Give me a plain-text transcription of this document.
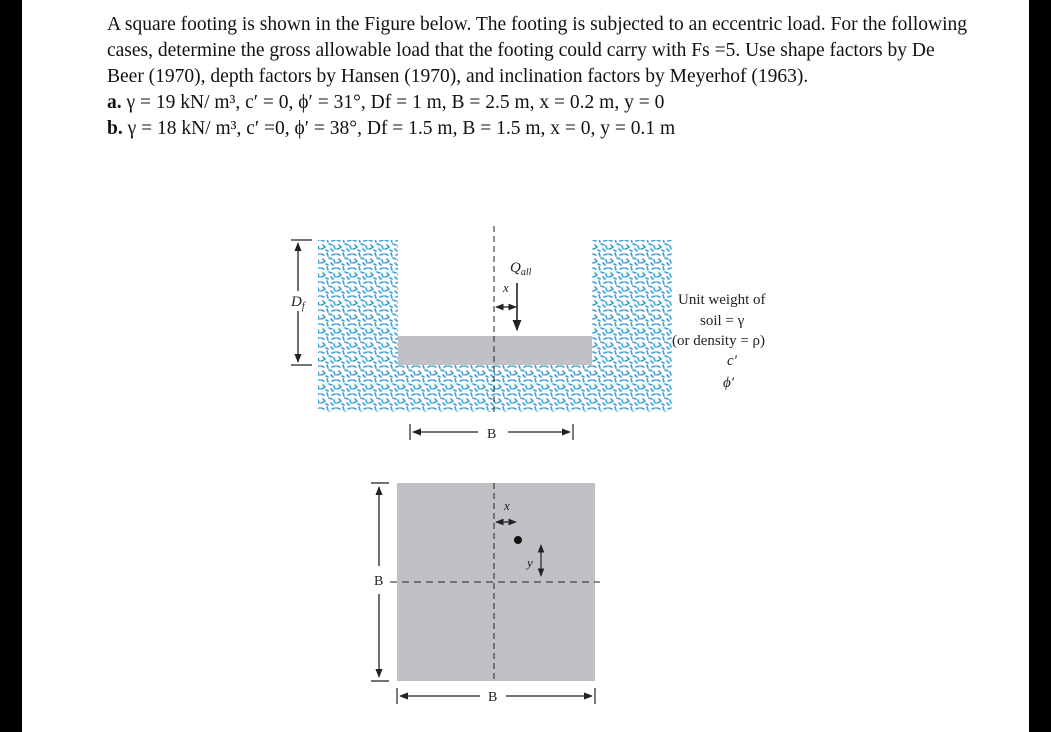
A square footing is shown in the Figure below. The footing is subjected to an eccentric load. For the following cases, determine the gross allowable load that the footing could carry with Fs =5. Use shape factors by De Beer (1970), depth factors by Hansen (1970), and inclination factors by Meyerhof (1963).

a. γ = 19 kN/ m³, c′ = 0, ϕ′ = 31°, Df = 1 m, B = 2.5 m, x = 0.2 m, y = 0

b. γ = 18 kN/ m³, c′ =0, ϕ′ = 38°, Df = 1.5 m, B = 1.5 m, x = 0, y = 0.1 m

$Q_{all}$
x
$D_f$
B
Unit weight of
soil = γ
(or density = ρ)
c′
ϕ′
x
y
B
B
